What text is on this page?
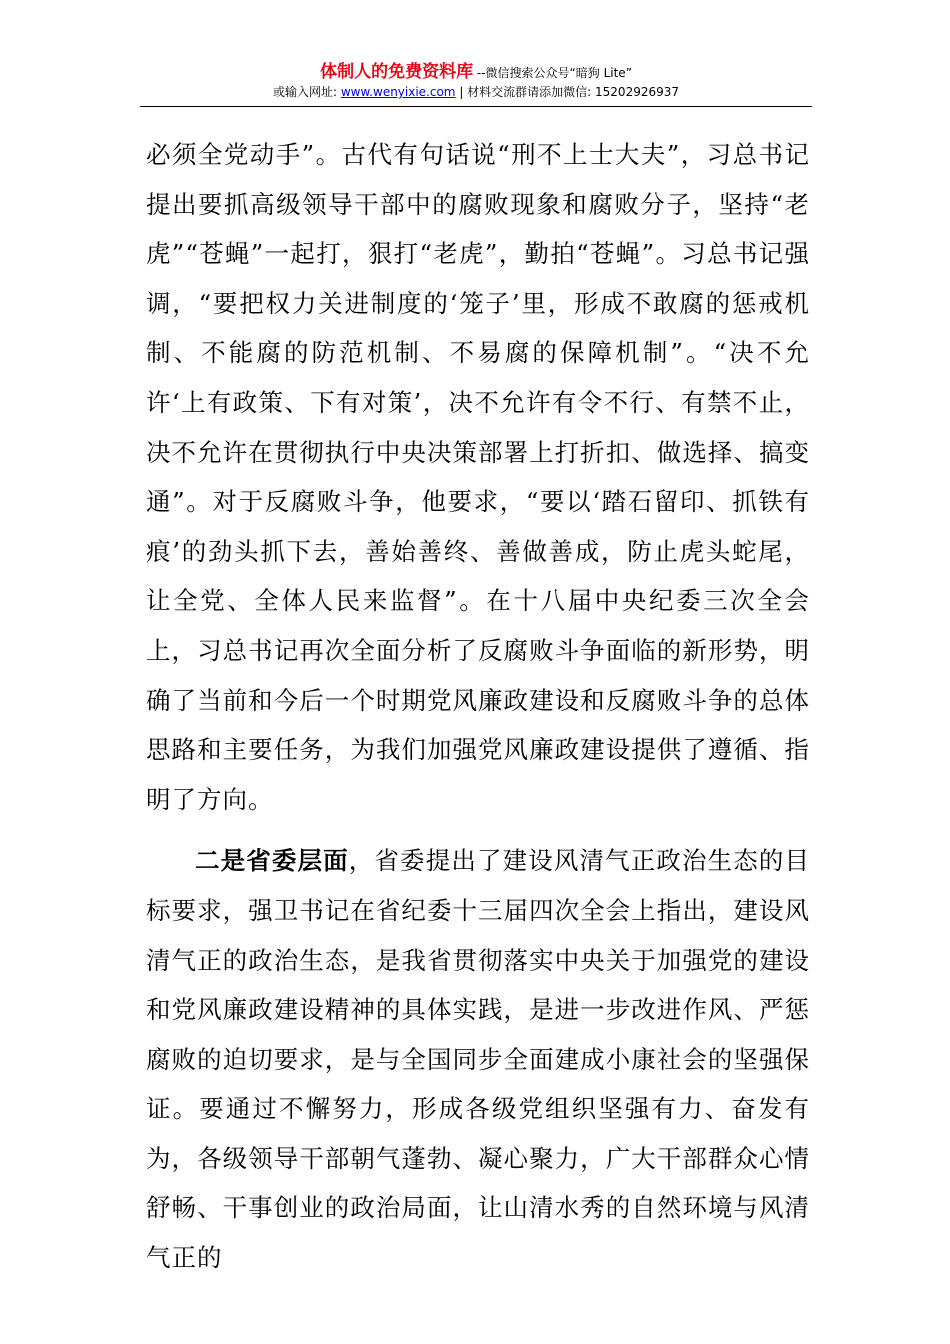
体制人的免费资料库 --微信搜索公众号“暗狗 Lite”
或输入网址: www.wenyixie.com | 材料交流群请添加微信: 15202926937

必须全党动手”。古代有句话说“刑不上士大夫”，习总书记提出要抓高级领导干部中的腐败现象和腐败分子，坚持“老虎”“苍蝇”一起打，狠打“老虎”，勤拍“苍蝇”。习总书记强调，“要把权力关进制度的‘笼子’里，形成不敢腐的惩戒机制、不能腐的防范机制、不易腐的保障机制”。“决不允许‘上有政策、下有对策’，决不允许有令不行、有禁不止，决不允许在贯彻执行中央决策部署上打折扣、做选择、搞变通”。对于反腐败斗争，他要求，“要以‘踏石留印、抓铁有痕’的劲头抓下去，善始善终、善做善成，防止虎头蛇尾，让全党、全体人民来监督”。在十八届中央纪委三次全会上，习总书记再次全面分析了反腐败斗争面临的新形势，明确了当前和今后一个时期党风廉政建设和反腐败斗争的总体思路和主要任务，为我们加强党风廉政建设提供了遵循、指明了方向。

二是省委层面，省委提出了建设风清气正政治生态的目标要求，强卫书记在省纪委十三届四次全会上指出，建设风清气正的政治生态，是我省贯彻落实中央关于加强党的建设和党风廉政建设精神的具体实践，是进一步改进作风、严惩腐败的迫切要求，是与全国同步全面建成小康社会的坚强保证。要通过不懈努力，形成各级党组织坚强有力、奋发有为，各级领导干部朝气蓬勃、凝心聚力，广大干部群众心情舒畅、干事创业的政治局面，让山清水秀的自然环境与风清气正的
